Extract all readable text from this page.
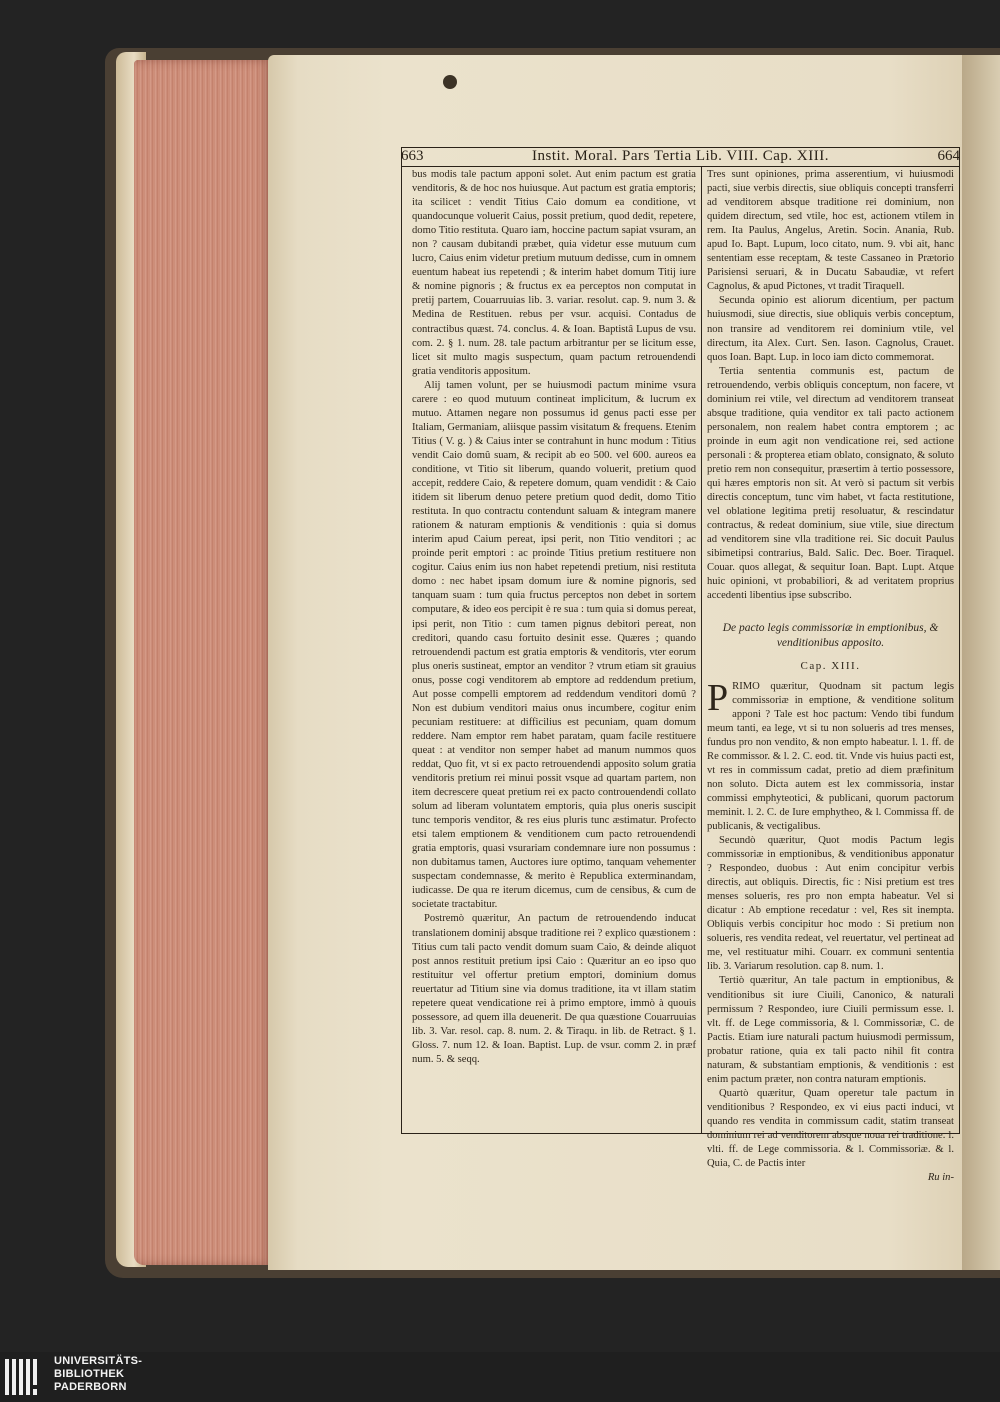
663	Instit. Moral. Pars Tertia Lib. VIII. Cap. XIII.	664

bus modis tale pactum apponi solet. Aut enim pactum est gratia venditoris, & de hoc nos huiusque. Aut pactum est gratia emptoris; ita scilicet : vendit Titius Caio domum ea conditione, vt quandocunque voluerit Caius, possit pretium, quod dedit, repetere, domo Titio restituta. Quaro iam, hoccine pactum sapiat vsuram, an non ? causam dubitandi præbet, quia videtur esse mutuum cum lucro, Caius enim videtur pretium mutuum dedisse, cum in omnem euentum habeat ius repetendi ; & interim habet domum Titij iure & nomine pignoris ; & fructus ex ea perceptos non computat in pretij partem, Couarruuias lib. 3. variar. resolut. cap. 9. num 3. & Medina de Restituen. rebus per vsur. acquisi. Contadus de contractibus quæst. 74. conclus. 4. & Ioan. Baptistâ Lupus de vsu. com. 2. § 1. num. 28. tale pactum arbitrantur per se licitum esse, licet sit multo magis suspectum, quam pactum retrouendendi gratia venditoris appositum.

Alij tamen volunt, per se huiusmodi pactum minime vsura carere : eo quod mutuum contineat implicitum, & lucrum ex mutuo. Attamen negare non possumus id genus pacti esse per Italiam, Germaniam, aliisque passim visitatum & frequens. Etenim Titius ( V. g. ) & Caius inter se contrahunt in hunc modum : Titius vendit Caio domû suam, & recipit ab eo 500. vel 600. aureos ea conditione, vt Titio sit liberum, quando voluerit, pretium quod accepit, reddere Caio, & repetere domum, quam vendidit : & Caio itidem sit liberum denuo petere pretium quod dedit, domo Titio restituta. In quo contractu contendunt saluam & integram manere rationem & naturam emptionis & venditionis : quia si domus interim apud Caium pereat, ipsi perit, non Titio venditori ; ac proinde perit emptori : ac proinde Titius pretium restituere non cogitur. Caius enim ius non habet repetendi pretium, nisi restituta domo : nec habet ipsam domum iure & nomine pignoris, sed tanquam suam : tum quia fructus perceptos non debet in sortem computare, & ideo eos percipit è re sua : tum quia si domus pereat, ipsi perit, non Titio : cum tamen pignus debitori pereat, non creditori, quando casu fortuito desinit esse. Quæres ; quando retrouendendi pactum est gratia emptoris & venditoris, vter eorum plus oneris sustineat, emptor an venditor ? vtrum etiam sit grauius onus, posse cogi venditorem ab emptore ad reddendum pretium, Aut posse compelli emptorem ad reddendum venditori domû ? Non est dubium venditori maius onus incumbere, cogitur enim pecuniam restituere: at difficilius est pecuniam, quam domum reddere. Nam emptor rem habet paratam, quam facile restituere queat : at venditor non semper habet ad manum nummos quos reddat, Quo fit, vt si ex pacto retrouendendi apposito solum gratia venditoris pretium rei minui possit vsque ad quartam partem, non item decrescere queat pretium rei ex pacto controuendendi collato solum ad liberam voluntatem emptoris, quia plus oneris suscipit tunc temporis venditor, & res eius pluris tunc æstimatur. Profecto etsi talem emptionem & venditionem cum pacto retrouendendi gratia emptoris, quasi vsurariam condemnare iure non possumus : non dubitamus tamen, Auctores iure optimo, tanquam vehementer suspectam condemnasse, & merito è Republica exterminandam, iudicasse. De qua re iterum dicemus, cum de censibus, & cum de societate tractabitur.

Postremò quæritur, An pactum de retrouendendo inducat translationem dominij absque traditione rei ? explico quæstionem : Titius cum tali pacto vendit domum suam Caio, & deinde aliquot post annos restituit pretium ipsi Caio : Quæritur an eo ipso quo restituitur vel offertur pretium emptori, dominium domus reuertatur ad Titium sine via domus traditione, ita vt illam statim repetere queat vendicatione rei à primo emptore, immò à quouis possessore, ad quem illa deuenerit. De qua quæstione Couarruuias lib. 3. Var. resol. cap. 8. num. 2. & Tiraqu. in lib. de Retract. § 1. Gloss. 7. num 12. & Ioan. Baptist. Lup. de vsur. comm 2. in præf num. 5. & seqq.

Tres sunt opiniones, prima asserentium, vi huiusmodi pacti, siue verbis directis, siue obliquis concepti transferri ad venditorem absque traditione rei dominium, non quidem directum, sed vtile, hoc est, actionem vtilem in rem. Ita Paulus, Angelus, Aretin. Socin. Anania, Rub. apud Io. Bapt. Lupum, loco citato, num. 9. vbi ait, hanc sententiam esse receptam, & teste Cassaneo in Prætorio Parisiensi seruari, & in Ducatu Sabaudiæ, vt refert Cagnolus, & apud Pictones, vt tradit Tiraquell.

Secunda opinio est aliorum dicentium, per pactum huiusmodi, siue directis, siue obliquis verbis conceptum, non transire ad venditorem rei dominium vtile, vel directum, ita Alex. Curt. Sen. Iason. Cagnolus, Crauet. quos Ioan. Bapt. Lup. in loco iam dicto commemorat.

Tertia sententia communis est, pactum de retrouendendo, verbis obliquis conceptum, non facere, vt dominium rei vtile, vel directum ad venditorem transeat absque traditione, quia venditor ex tali pacto actionem personalem, non realem habet contra emptorem ; ac proinde in eum agit non vendicatione rei, sed actione personali : & propterea etiam oblato, consignato, & soluto pretio rem non consequitur, præsertim à tertio possessore, qui hæres emptoris non sit. At verò si pactum sit verbis directis conceptum, tunc vim habet, vt facta restitutione, vel oblatione legitima pretij resoluatur, & rescindatur contractus, & redeat dominium, siue vtile, siue directum ad venditorem sine vlla traditione rei. Sic docuit Paulus sibimetipsi contrarius, Bald. Salic. Dec. Boer. Tiraquel. Couar. quos allegat, & sequitur Ioan. Bapt. Lupt. Atque huic opinioni, vt probabiliori, & ad veritatem proprius accedenti libentius ipse subscribo.

De pacto legis commissoriæ in emptionibus, & venditionibus apposito.

Cap. XIII.

PRIMO quæritur, Quodnam sit pactum legis commissoriæ in emptione, & venditione solitum apponi ? Tale est hoc pactum: Vendo tibi fundum meum tanti, ea lege, vt si tu non solueris ad tres menses, fundus pro non vendito, & non empto habeatur. l. 1. ff. de Re commissor. & l. 2. C. eod. tit. Vnde vis huius pacti est, vt res in commissum cadat, pretio ad diem præfinitum non soluto. Dicta autem est lex commissoria, instar commissi emphyteotici, & publicani, quorum pactorum meminit. l. 2. C. de Iure emphytheo, & l. Commissa ff. de publicanis, & vectigalibus.

Secundò quæritur, Quot modis Pactum legis commissoriæ in emptionibus, & venditionibus apponatur ? Respondeo, duobus : Aut enim concipitur verbis directis, aut obliquis. Directis, fic : Nisi pretium est tres menses solueris, res pro non empta habeatur. Vel si dicatur : Ab emptione recedatur : vel, Res sit inempta. Obliquis verbis concipitur hoc modo : Si pretium non solueris, res vendita redeat, vel reuertatur, vel pertineat ad me, vel restituatur mihi. Couarr. ex communi sententia lib. 3. Variarum resolution. cap 8. num. 1.

Tertiò quæritur, An tale pactum in emptionibus, & venditionibus sit iure Ciuili, Canonico, & naturali permissum ? Respondeo, iure Ciuili permissum esse. l. vlt. ff. de Lege commissoria, & l. Commissoriæ, C. de Pactis. Etiam iure naturali pactum huiusmodi permissum, probatur ratione, quia ex tali pacto nihil fit contra naturam, & substantiam emptionis, & venditionis : est enim pactum præter, non contra naturam emptionis.

Quartò quæritur, Quam operetur tale pactum in venditionibus ? Respondeo, ex vi eius pacti induci, vt quando res vendita in commissum cadit, statim transeat dominium rei ad venditorem absque noua rei traditione. l. vlti. ff. de Lege commissoria. & l. Commissoriæ. & l. Quia, C. de Pactis inter

Ru in-

UNIVERSITÄTS-
BIBLIOTHEK
PADERBORN
